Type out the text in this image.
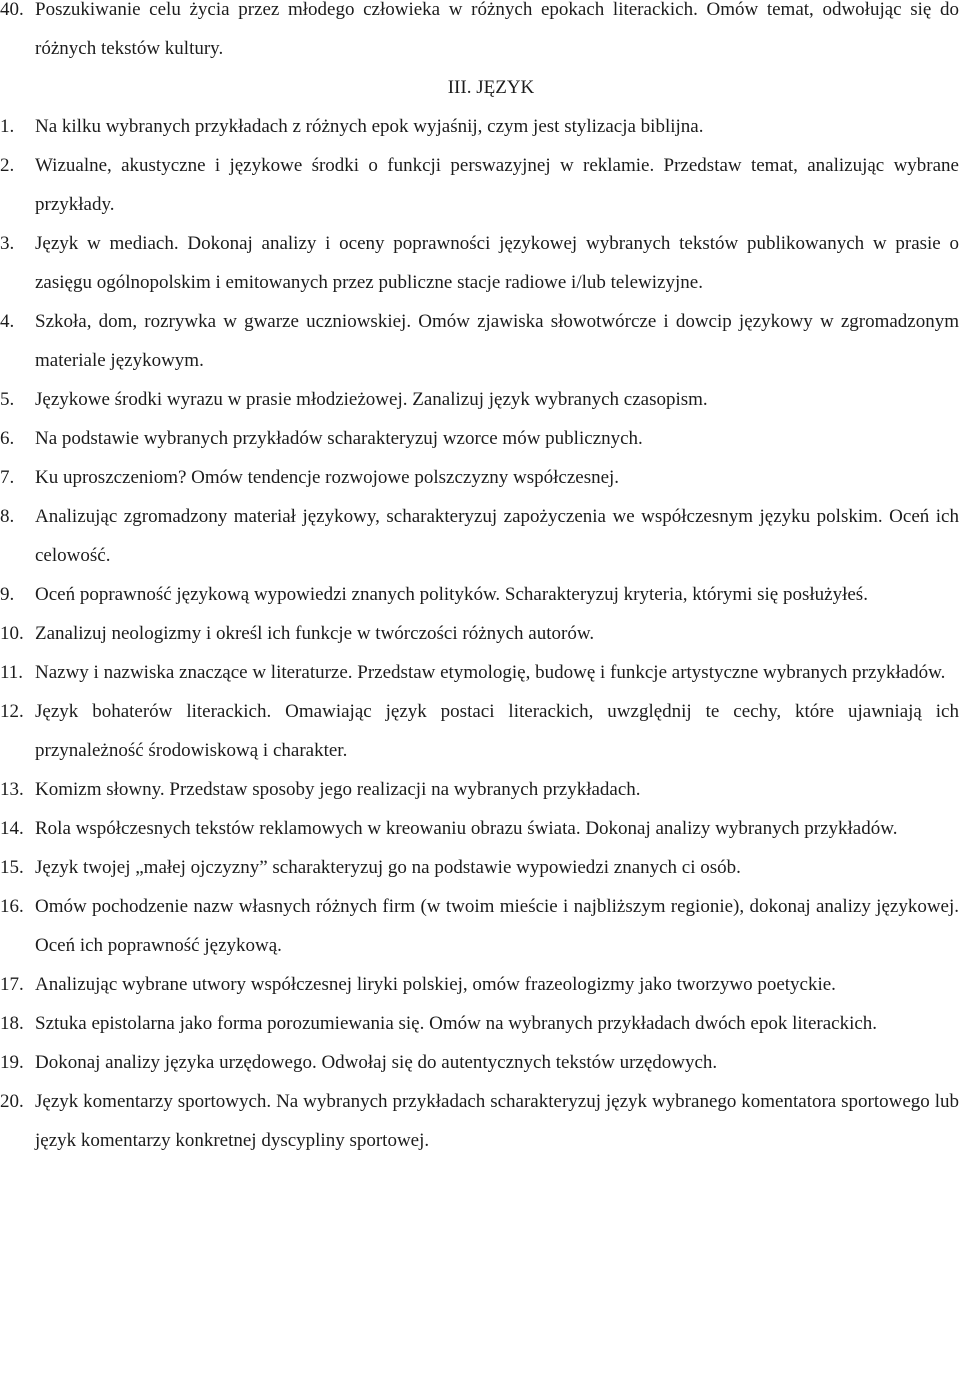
40. Poszukiwanie celu życia przez młodego człowieka w różnych epokach literackich. Omów temat, odwołując się do różnych tekstów kultury.
III. JĘZYK
1.	Na kilku wybranych przykładach z różnych epok wyjaśnij, czym jest stylizacja biblijna.
2.	Wizualne, akustyczne i językowe środki o funkcji perswazyjnej w reklamie. Przedstaw temat, analizując wybrane przykłady.
3.	Język w mediach. Dokonaj analizy i oceny poprawności językowej wybranych tekstów publikowanych w prasie o zasięgu ogólnopolskim i emitowanych przez publiczne stacje radiowe i/lub telewizyjne.
4.	Szkoła, dom, rozrywka w gwarze uczniowskiej. Omów zjawiska słowotwórcze i dowcip językowy w zgromadzonym materiale językowym.
5.	Językowe środki wyrazu w prasie młodzieżowej. Zanalizuj język wybranych czasopism.
6.	Na podstawie wybranych przykładów scharakteryzuj wzorce mów publicznych.
7.	Ku uproszczeniom? Omów tendencje rozwojowe polszczyzny współczesnej.
8.	Analizując zgromadzony materiał językowy, scharakteryzuj zapożyczenia we współczesnym języku polskim. Oceń ich celowość.
9.	Oceń poprawność językową wypowiedzi znanych polityków. Scharakteryzuj kryteria, którymi się posłużyłeś.
10. Zanalizuj neologizmy i określ ich funkcje w twórczości różnych autorów.
11. Nazwy i nazwiska znaczące w literaturze. Przedstaw etymologię, budowę i funkcje artystyczne wybranych przykładów.
12. Język bohaterów literackich. Omawiając język postaci literackich, uwzględnij te cechy, które ujawniają ich przynależność środowiskową i charakter.
13. Komizm słowny. Przedstaw sposoby jego realizacji na wybranych przykładach.
14. Rola współczesnych tekstów reklamowych w kreowaniu obrazu świata. Dokonaj analizy wybranych przykładów.
15. Język twojej „małej ojczyzny” scharakteryzuj go na podstawie wypowiedzi znanych ci osób.
16. Omów pochodzenie nazw własnych różnych firm (w twoim mieście i najbliższym regionie), dokonaj analizy językowej. Oceń ich poprawność językową.
17. Analizując wybrane utwory współczesnej liryki polskiej, omów frazeologizmy jako tworzywo poetyckie.
18. Sztuka epistolarna jako forma porozumiewania się. Omów na wybranych przykładach dwóch epok literackich.
19. Dokonaj analizy języka urzędowego. Odwołaj się do autentycznych tekstów urzędowych.
20. Język komentarzy sportowych. Na wybranych przykładach scharakteryzuj język wybranego komentatora sportowego lub język komentarzy konkretnej dyscypliny sportowej.
